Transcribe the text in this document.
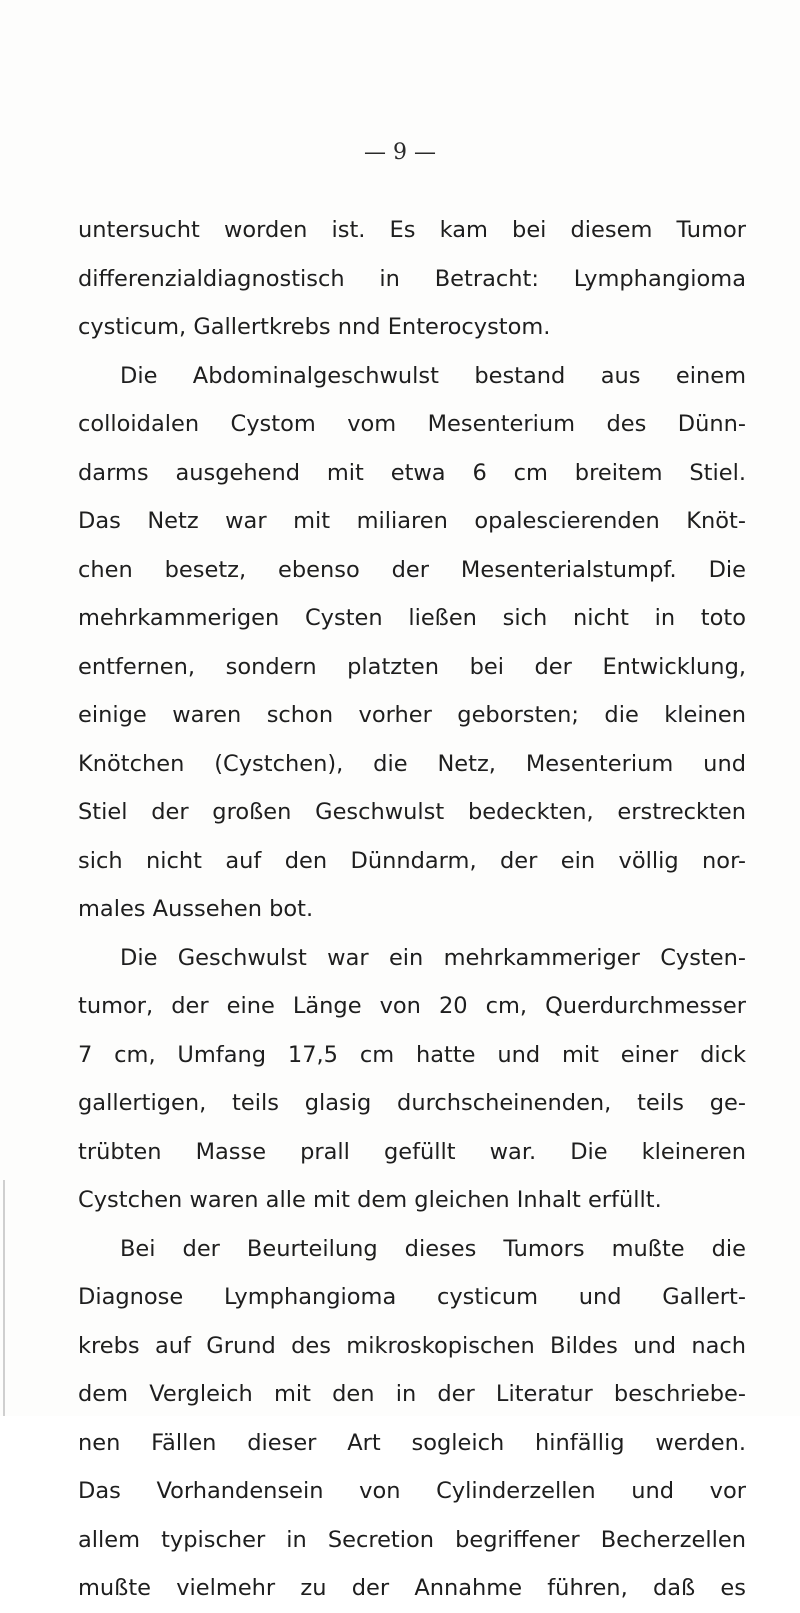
— 9 —
untersucht worden ist. Es kam bei diesem Tumor
differenzialdiagnostisch in Betracht: Lymphangioma
cysticum, Gallertkrebs nnd Enterocystom.
Die Abdominalgeschwulst bestand aus einem
colloidalen Cystom vom Mesenterium des Dünn-
darms ausgehend mit etwa 6 cm breitem Stiel.
Das Netz war mit miliaren opalescierenden Knöt-
chen besetz, ebenso der Mesenterialstumpf. Die
mehrkammerigen Cysten ließen sich nicht in toto
entfernen, sondern platzten bei der Entwicklung,
einige waren schon vorher geborsten; die kleinen
Knötchen (Cystchen), die Netz, Mesenterium und
Stiel der großen Geschwulst bedeckten, erstreckten
sich nicht auf den Dünndarm, der ein völlig nor-
males Aussehen bot.
Die Geschwulst war ein mehrkammeriger Cysten-
tumor, der eine Länge von 20 cm, Querdurchmesser
7 cm, Umfang 17,5 cm hatte und mit einer dick
gallertigen, teils glasig durchscheinenden, teils ge-
trübten Masse prall gefüllt war. Die kleineren
Cystchen waren alle mit dem gleichen Inhalt erfüllt.
Bei der Beurteilung dieses Tumors mußte die
Diagnose Lymphangioma cysticum und Gallert-
krebs auf Grund des mikroskopischen Bildes und nach
dem Vergleich mit den in der Literatur beschriebe-
nen Fällen dieser Art sogleich hinfällig werden.
Das Vorhandensein von Cylinderzellen und vor
allem typischer in Secretion begriffener Becherzellen
mußte vielmehr zu der Annahme führen, daß es
